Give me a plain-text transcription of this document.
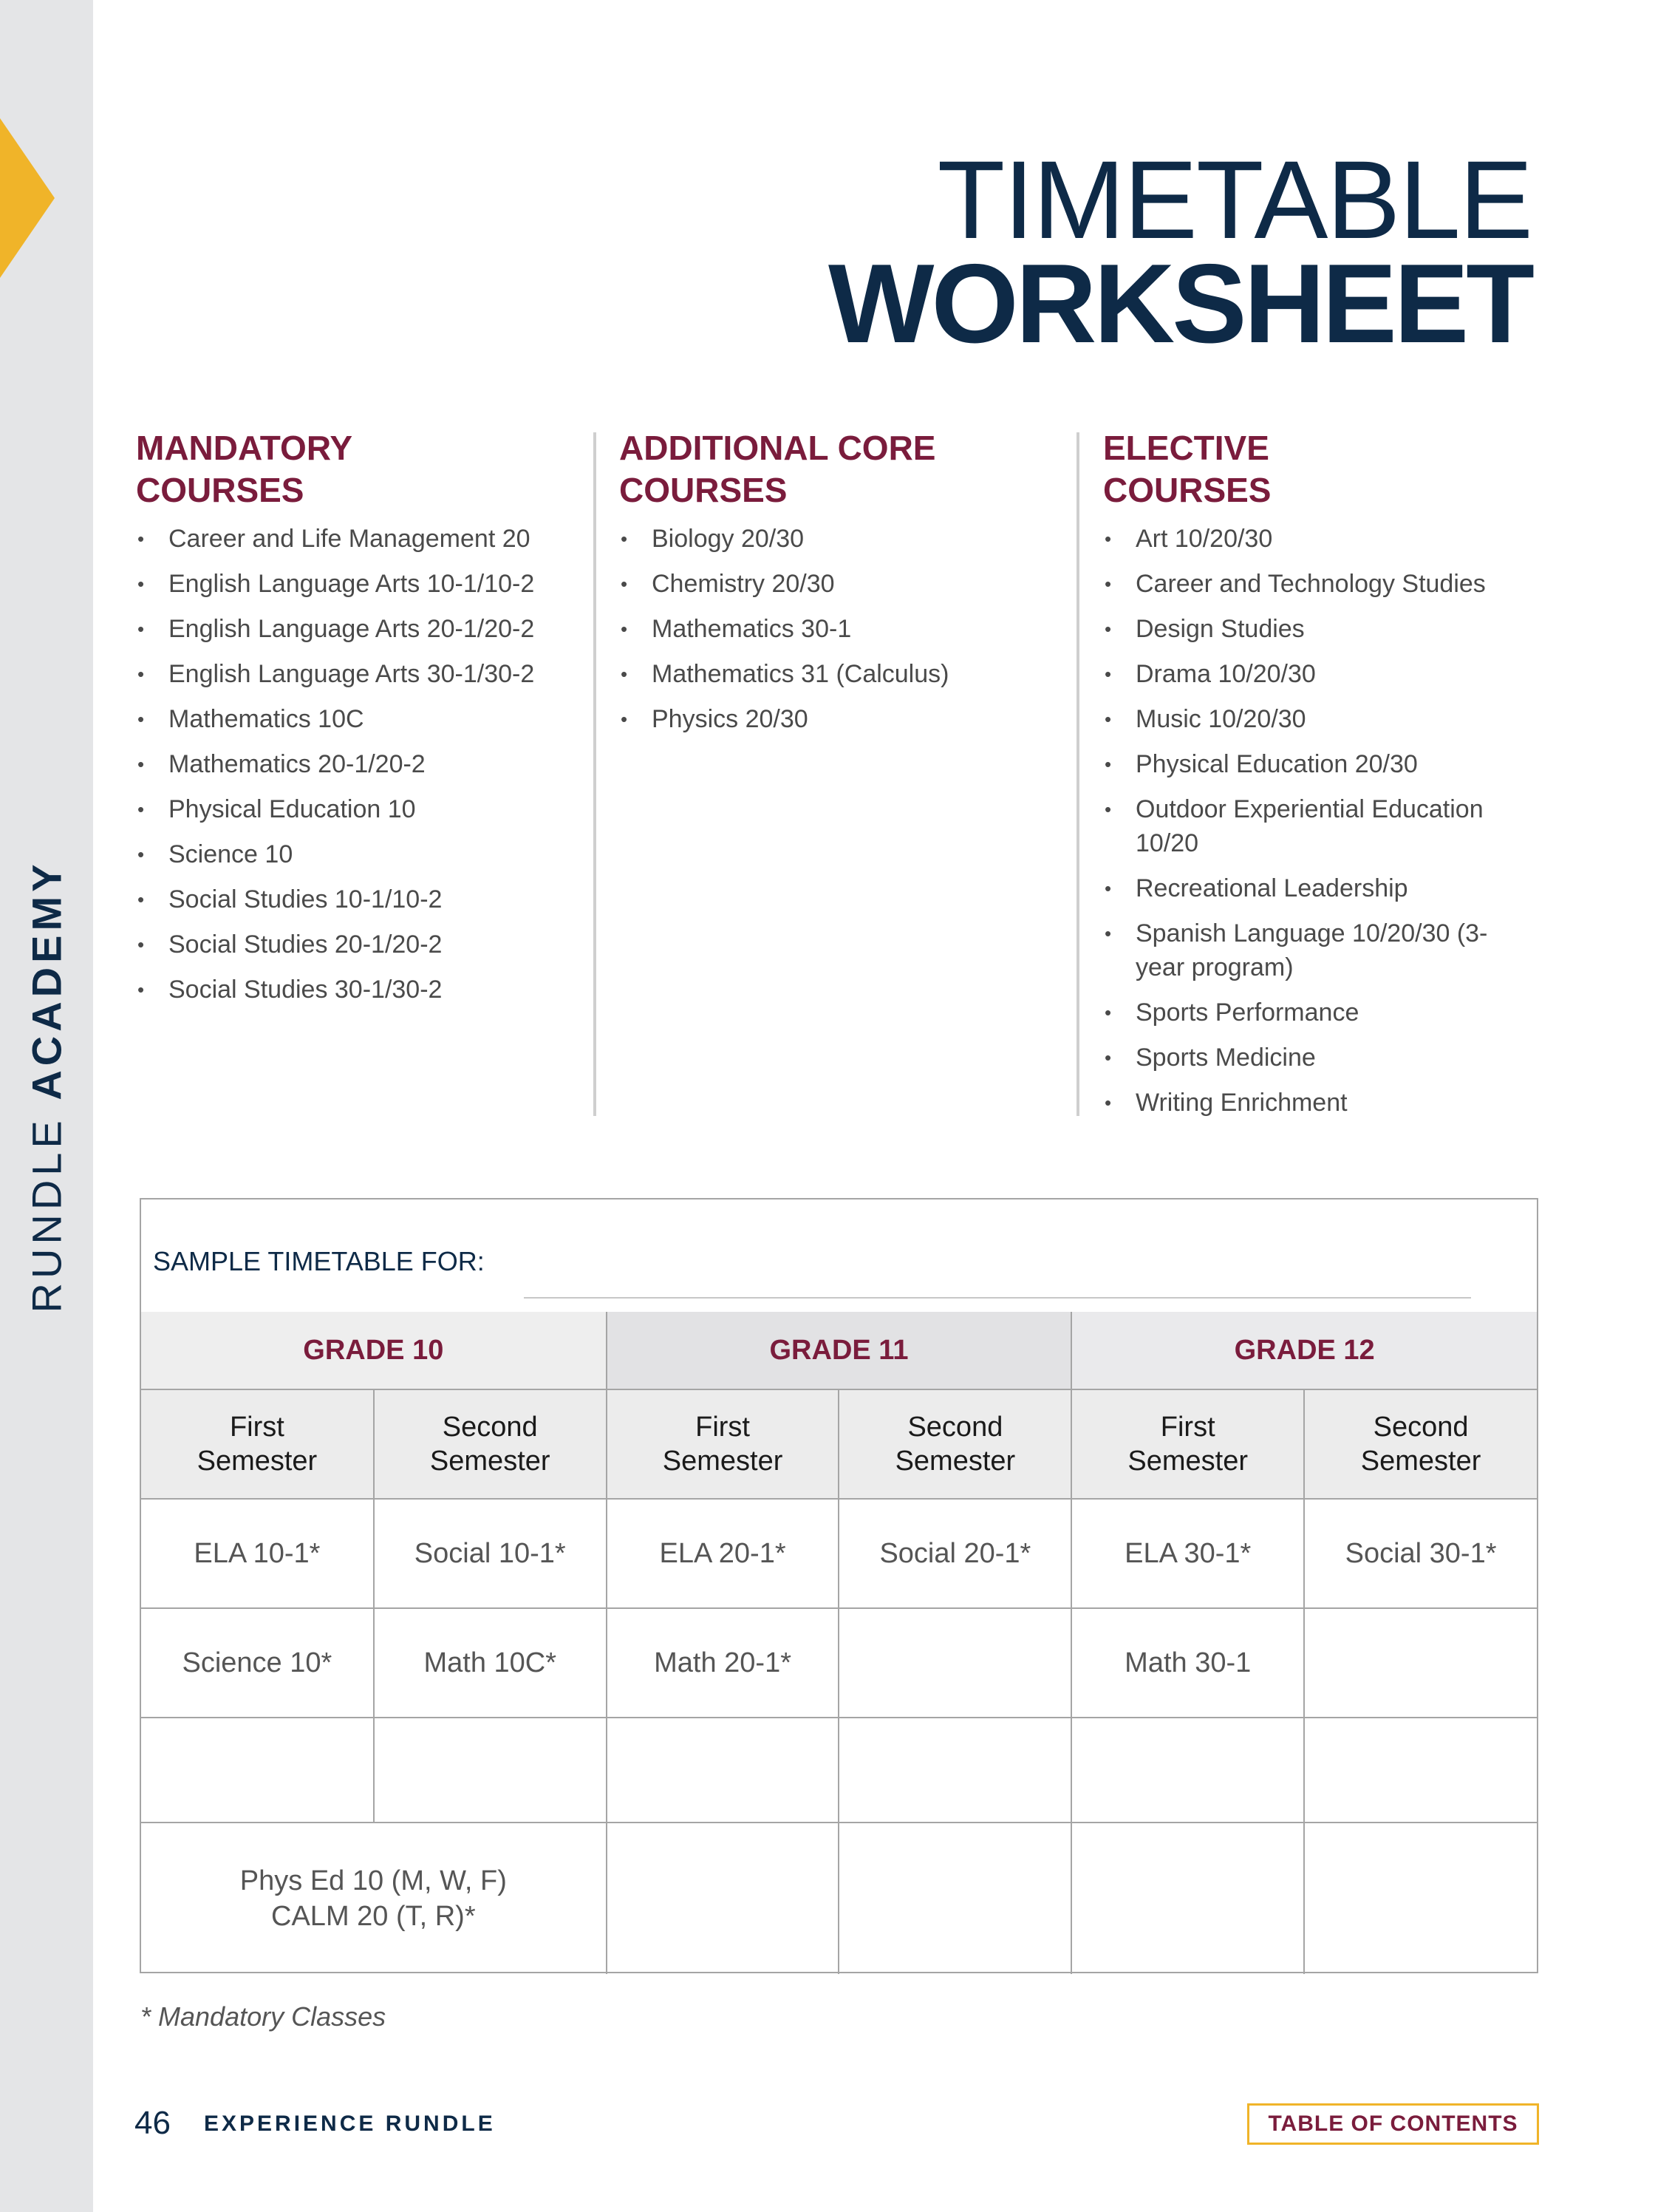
RUNDLE ACADEMY
TIMETABLE
WORKSHEET
MANDATORY
COURSES
• Career and Life Management 20
• English Language Arts 10-1/10-2
• English Language Arts 20-1/20-2
• English Language Arts 30-1/30-2
• Mathematics 10C
• Mathematics 20-1/20-2
• Physical Education 10
• Science 10
• Social Studies 10-1/10-2
• Social Studies 20-1/20-2
• Social Studies 30-1/30-2
ADDITIONAL CORE
COURSES
• Biology 20/30
• Chemistry 20/30
• Mathematics 30-1
• Mathematics 31 (Calculus)
• Physics 20/30
ELECTIVE
COURSES
• Art 10/20/30
• Career and Technology Studies
• Design Studies
• Drama 10/20/30
• Music 10/20/30
• Physical Education 20/30
• Outdoor Experiential Education 10/20
• Recreational Leadership
• Spanish Language 10/20/30 (3-year program)
• Sports Performance
• Sports Medicine
• Writing Enrichment
SAMPLE TIMETABLE FOR:
GRADE 10		GRADE 11		GRADE 12	
First
Semester	Second
Semester	First
Semester	Second
Semester	First
Semester	Second
Semester
ELA 10-1*	Social 10-1*	ELA 20-1*	Social 20-1*	ELA 30-1*	Social 30-1*
Science 10*	Math 10C*	Math 20-1*		Math 30-1	

Phys Ed 10 (M, W, F)
CALM 20 (T, R)*					
* Mandatory Classes
46 EXPERIENCE RUNDLE	TABLE OF CONTENTS
